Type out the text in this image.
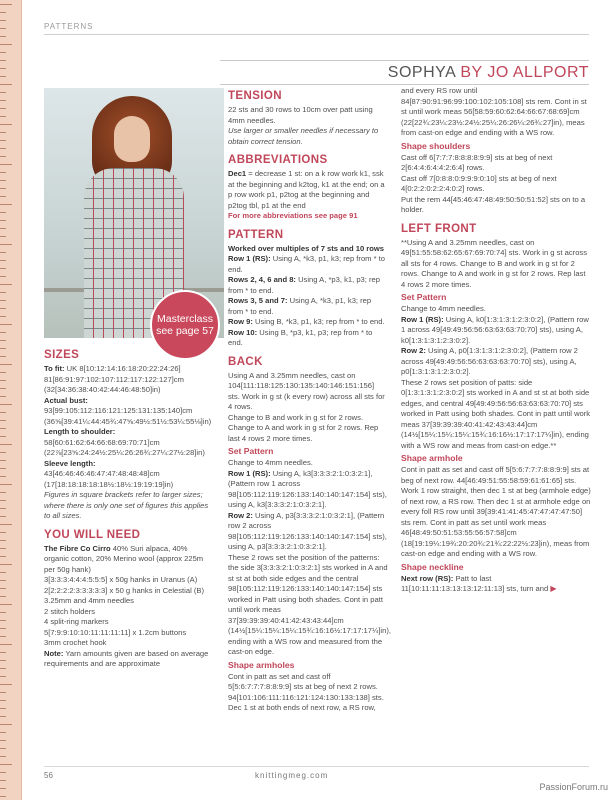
PATTERNS
SOPHYA BY JO ALLPORT
Masterclass
see page 57
SIZES

To fit: UK 8[10:12:14:16:18:20:22:24:26] 81[86:91:97:102:107:112:117:122:127]cm (32[34:36:38:40:42:44:46:48:50]in)

Actual bust:

93[99:105:112:116:121:125:131:135:140]cm (36⅝[39:41¼:44:45¾:47⅝:49½:51½:53¼:55⅛]in)

Length to shoulder:

58[60:61:62:64:66:68:69:70:71]cm (22⅞[23⅝:24:24½:25¼:26:26¾:27¼:27½:28]in)

Sleeve length:

43[46:46:46:46:47:47:48:48:48]cm (17[18:18:18:18:18½:18½:19:19:19]in)

Figures in square brackets refer to larger sizes; where there is only one set of figures this applies to all sizes.

YOU WILL NEED

The Fibre Co Cirro 40% Suri alpaca, 40% organic cotton, 20% Merino wool (approx 225m per 50g hank)

3[3:3:3:4:4:4:5:5:5] x 50g hanks in Uranus (A)

2[2:2:2:2:3:3:3:3:3] x 50 g hanks in Celestial (B)

3.25mm and 4mm needles

2 stitch holders

4 split-ring markers

5[7:9:9:10:10:11:11:11:11] x 1.2cm buttons

3mm crochet hook

Note: Yarn amounts given are based on average requirements and are approximate

TENSION

22 sts and 30 rows to 10cm over patt using 4mm needles.

Use larger or smaller needles if necessary to obtain correct tension.

ABBREVIATIONS

Dec1 = decrease 1 st: on a k row work k1, ssk at the beginning and k2tog, k1 at the end; on a p row work p1, p2tog at the beginning and p2tog tbl, p1 at the end

For more abbreviations see page 91

PATTERN

Worked over multiples of 7 sts and 10 rows

Row 1 (RS): Using A, *k3, p1, k3; rep from * to end.

Rows 2, 4, 6 and 8: Using A, *p3, k1, p3; rep from * to end.

Rows 3, 5 and 7: Using A, *k3, p1, k3; rep from * to end.

Row 9: Using B, *k3, p1, k3; rep from * to end.

Row 10: Using B, *p3, k1, p3; rep from * to end.

BACK

Using A and 3.25mm needles, cast on 104[111:118:125:130:135:140:146:151:156] sts. Work in g st (k every row) across all sts for 4 rows.

Change to B and work in g st for 2 rows. Change to A and work in g st for 2 rows. Rep last 4 rows 2 more times.

Set Pattern

Change to 4mm needles.

Row 1 (RS): Using A, k3[3:3:3:2:1:0:3:2:1], (Pattern row 1 across 98[105:112:119:126:133:140:140:147:154] sts), using A, k3[3:3:3:2:1:0:3:2:1].

Row 2: Using A, p3[3:3:3:2:1:0:3:2:1], (Pattern row 2 across 98[105:112:119:126:133:140:140:147:154] sts), using A, p3[3:3:3:2:1:0:3:2:1].

These 2 rows set the position of the patterns: the side 3[3:3:3:2:1:0:3:2:1] sts worked in A and st st at both side edges and the central 98[105:112:119:126:133:140:140:147:154] sts worked in Patt using both shades. Cont in patt until work meas 37[39:39:39:40:41:42:43:43:44]cm (14½[15¼:15¼:15¼:15¾:16:16½:17:17:17¼]in), ending with a WS row and measured from the cast-on edge.

Shape armholes

Cont in patt as set and cast off 5[5:6:7:7:7:8:8:9:9] sts at beg of next 2 rows. 94[101:106:111:116:121:124:130:133:138] sts. Dec 1 st at both ends of next row, a RS row,

and every RS row until 84[87:90:91:96:99:100:102:105:108] sts rem. Cont in st st until work meas 56[58:59:60:62:64:66:67:68:69]cm (22[22¾:23¼:23½:24½:25¼:26:26¼:26¾:27]in), meas from cast-on edge and ending with a WS row.

Shape shoulders

Cast off 6[7:7:7:8:8:8:8:9:9] sts at beg of next 2[6:4:4:6:4:4:2:6:4] rows.

Cast off 7[0:8:8:0:9:9:9:0:10] sts at beg of next 4[0:2:2:0:2:2:4:0:2] rows.

Put the rem 44[45:46:47:48:49:50:50:51:52] sts on to a holder.

LEFT FRONT

**Using A and 3.25mm needles, cast on 49[51:55:58:62:65:67:69:70:74] sts. Work in g st across all sts for 4 rows. Change to B and work in g st for 2 rows. Change to A and work in g st for 2 rows. Rep last 4 rows 2 more times.

Set Pattern

Change to 4mm needles.

Row 1 (RS): Using A, k0[1:3:1:3:1:2:3:0:2], (Pattern row 1 across 49[49:49:56:56:63:63:63:70:70] sts), using A, k0[1:3:1:3:1:2:3:0:2].

Row 2: Using A, p0[1:3:1:3:1:2:3:0:2], (Pattern row 2 across 49[49:49:56:56:63:63:63:70:70] sts), using A, p0[1:3:1:3:1:2:3:0:2].

These 2 rows set position of patts: side 0[1:3:1:3:1:2:3:0:2] sts worked in A and st st at both side edges, and central 49[49:49:56:56:63:63:63:70:70] sts worked in Patt using both shades. Cont in patt until work meas 37[39:39:39:40:41:42:43:43:44]cm (14½[15¼:15¼:15¼:15¾:16:16½:17:17:17¼]in), ending with a WS row and meas from cast-on edge.**

Shape armhole

Cont in patt as set and cast off 5[5:6:7:7:7:8:8:9:9] sts at beg of next row. 44[46:49:51:55:58:59:61:61:65] sts. Work 1 row straight, then dec 1 st at beg (armhole edge) of next row, a RS row. Then dec 1 st at armhole edge on every foll RS row until 39[39:41:41:45:47:47:47:47:50] sts rem. Cont in patt as set until work meas 46[48:49:50:51:53:55:56:57:58]cm (18[19:19¼:19¾:20:20¾:21¾:22:22½:23]in), meas from cast-on edge and ending with a WS row.

Shape neckline

Next row (RS): Patt to last 11[10:11:11:13:13:13:12:11:13] sts, turn and ▶

56	knittingmeg.com
PassionForum.ru
